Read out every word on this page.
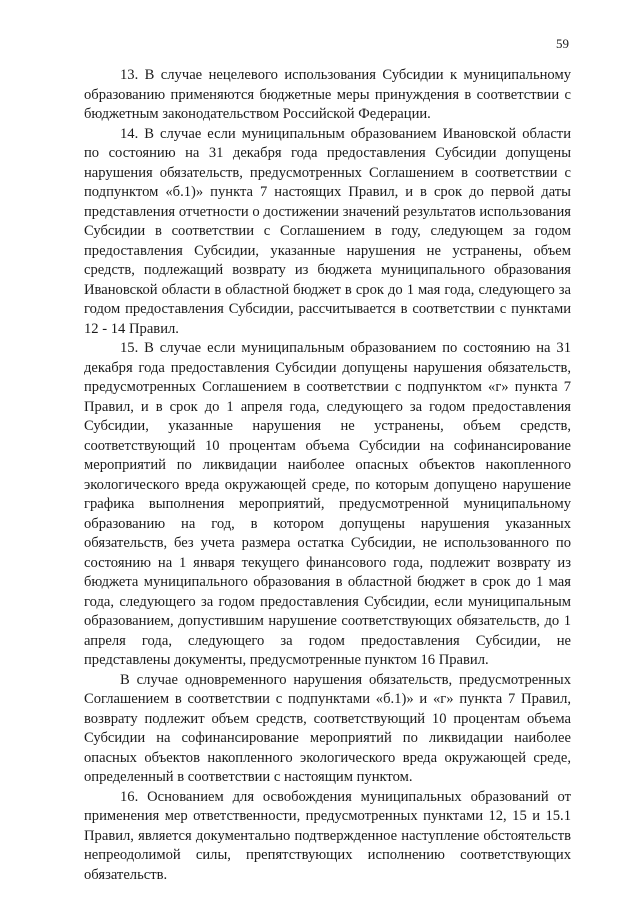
59

13. В случае нецелевого использования Субсидии к муниципальному образованию применяются бюджетные меры принуждения в соответствии с бюджетным законодательством Российской Федерации.

14. В случае если муниципальным образованием Ивановской области по состоянию на 31 декабря года предоставления Субсидии допущены нарушения обязательств, предусмотренных Соглашением в соответствии с подпунктом «б.1)» пункта 7 настоящих Правил, и в срок до первой даты представления отчетности о достижении значений результатов использования Субсидии в соответствии с Соглашением в году, следующем за годом предоставления Субсидии, указанные нарушения не устранены, объем средств, подлежащий возврату из бюджета муниципального образования Ивановской области в областной бюджет в срок до 1 мая года, следующего за годом предоставления Субсидии, рассчитывается в соответствии с пунктами 12 - 14 Правил.

15. В случае если муниципальным образованием по состоянию на 31 декабря года предоставления Субсидии допущены нарушения обязательств, предусмотренных Соглашением в соответствии с подпунктом «г» пункта 7 Правил, и в срок до 1 апреля года, следующего за годом предоставления Субсидии, указанные нарушения не устранены, объем средств, соответствующий 10 процентам объема Субсидии на софинансирование мероприятий по ликвидации наиболее опасных объектов накопленного экологического вреда окружающей среде, по которым допущено нарушение графика выполнения мероприятий, предусмотренной муниципальному образованию на год, в котором допущены нарушения указанных обязательств, без учета размера остатка Субсидии, не использованного по состоянию на 1 января текущего финансового года, подлежит возврату из бюджета муниципального образования в областной бюджет в срок до 1 мая года, следующего за годом предоставления Субсидии, если муниципальным образованием, допустившим нарушение соответствующих обязательств, до 1 апреля года, следующего за годом предоставления Субсидии, не представлены документы, предусмотренные пунктом 16 Правил.

В случае одновременного нарушения обязательств, предусмотренных Соглашением в соответствии с подпунктами «б.1)» и «г» пункта 7 Правил, возврату подлежит объем средств, соответствующий 10 процентам объема Субсидии на софинансирование мероприятий по ликвидации наиболее опасных объектов накопленного экологического вреда окружающей среде, определенный в соответствии с настоящим пунктом.

16. Основанием для освобождения муниципальных образований от применения мер ответственности, предусмотренных пунктами 12, 15 и 15.1 Правил, является документально подтвержденное наступление обстоятельств непреодолимой силы, препятствующих исполнению соответствующих обязательств.
